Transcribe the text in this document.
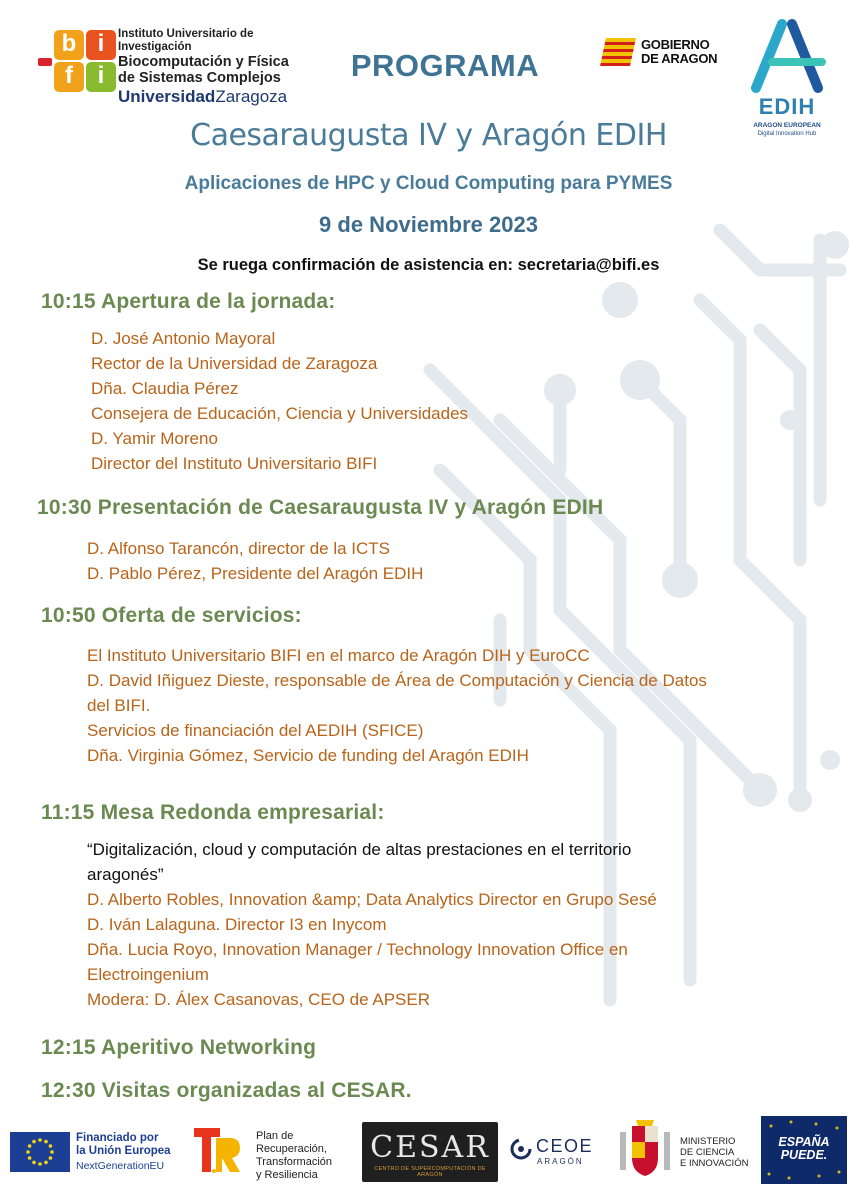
b i
f	i
Instituto Universitario de Investigación
Biocomputación y Física
de Sistemas Complejos
UniversidadZaragoza
PROGRAMA
GOBIERNO
DE ARAGON
EDIH
ARAGON EUROPEAN
Digital Innovation Hub
Caesaraugusta IV y Aragón EDIH
Aplicaciones de HPC y Cloud Computing para PYMES
9 de Noviembre 2023
Se ruega confirmación de asistencia en: secretaria@bifi.es
10:15 Apertura de la jornada:
D. José Antonio Mayoral
Rector de la Universidad de Zaragoza
Dña. Claudia Pérez
Consejera de Educación, Ciencia y Universidades
D. Yamir Moreno
Director del Instituto Universitario BIFI
10:30 Presentación de Caesaraugusta IV y Aragón EDIH
D. Alfonso Tarancón, director de la ICTS
D. Pablo Pérez, Presidente del Aragón EDIH
10:50 Oferta de servicios:
El Instituto Universitario BIFI en el marco de Aragón DIH y EuroCC
D. David Iñiguez Dieste, responsable de Área de Computación y Ciencia de Datos
del BIFI.
Servicios de financiación del AEDIH (SFICE)
Dña. Virginia Gómez, Servicio de funding del Aragón EDIH
11:15 Mesa Redonda empresarial:
“Digitalización, cloud y computación de altas prestaciones en el territorio
aragonés”
D. Alberto Robles, Innovation &amp; Data Analytics Director en Grupo Sesé
D. Iván Lalaguna. Director I3 en Inycom
Dña. Lucia Royo, Innovation Manager / Technology Innovation Office en
Electroingenium
Modera: D. Álex Casanovas, CEO de APSER
12:15 Aperitivo Networking
12:30 Visitas organizadas al CESAR.
Financiado por
la Unión Europea
NextGenerationEU
Plan de
Recuperación,
Transformación
y Resiliencia
CESAR
CENTRO DE SUPERCOMPUTACIÓN DE ARAGÓN
CEOE
ARAGÓN
MINISTERIO
DE CIENCIA
E INNOVACIÓN
ESPAÑA
PUEDE.
